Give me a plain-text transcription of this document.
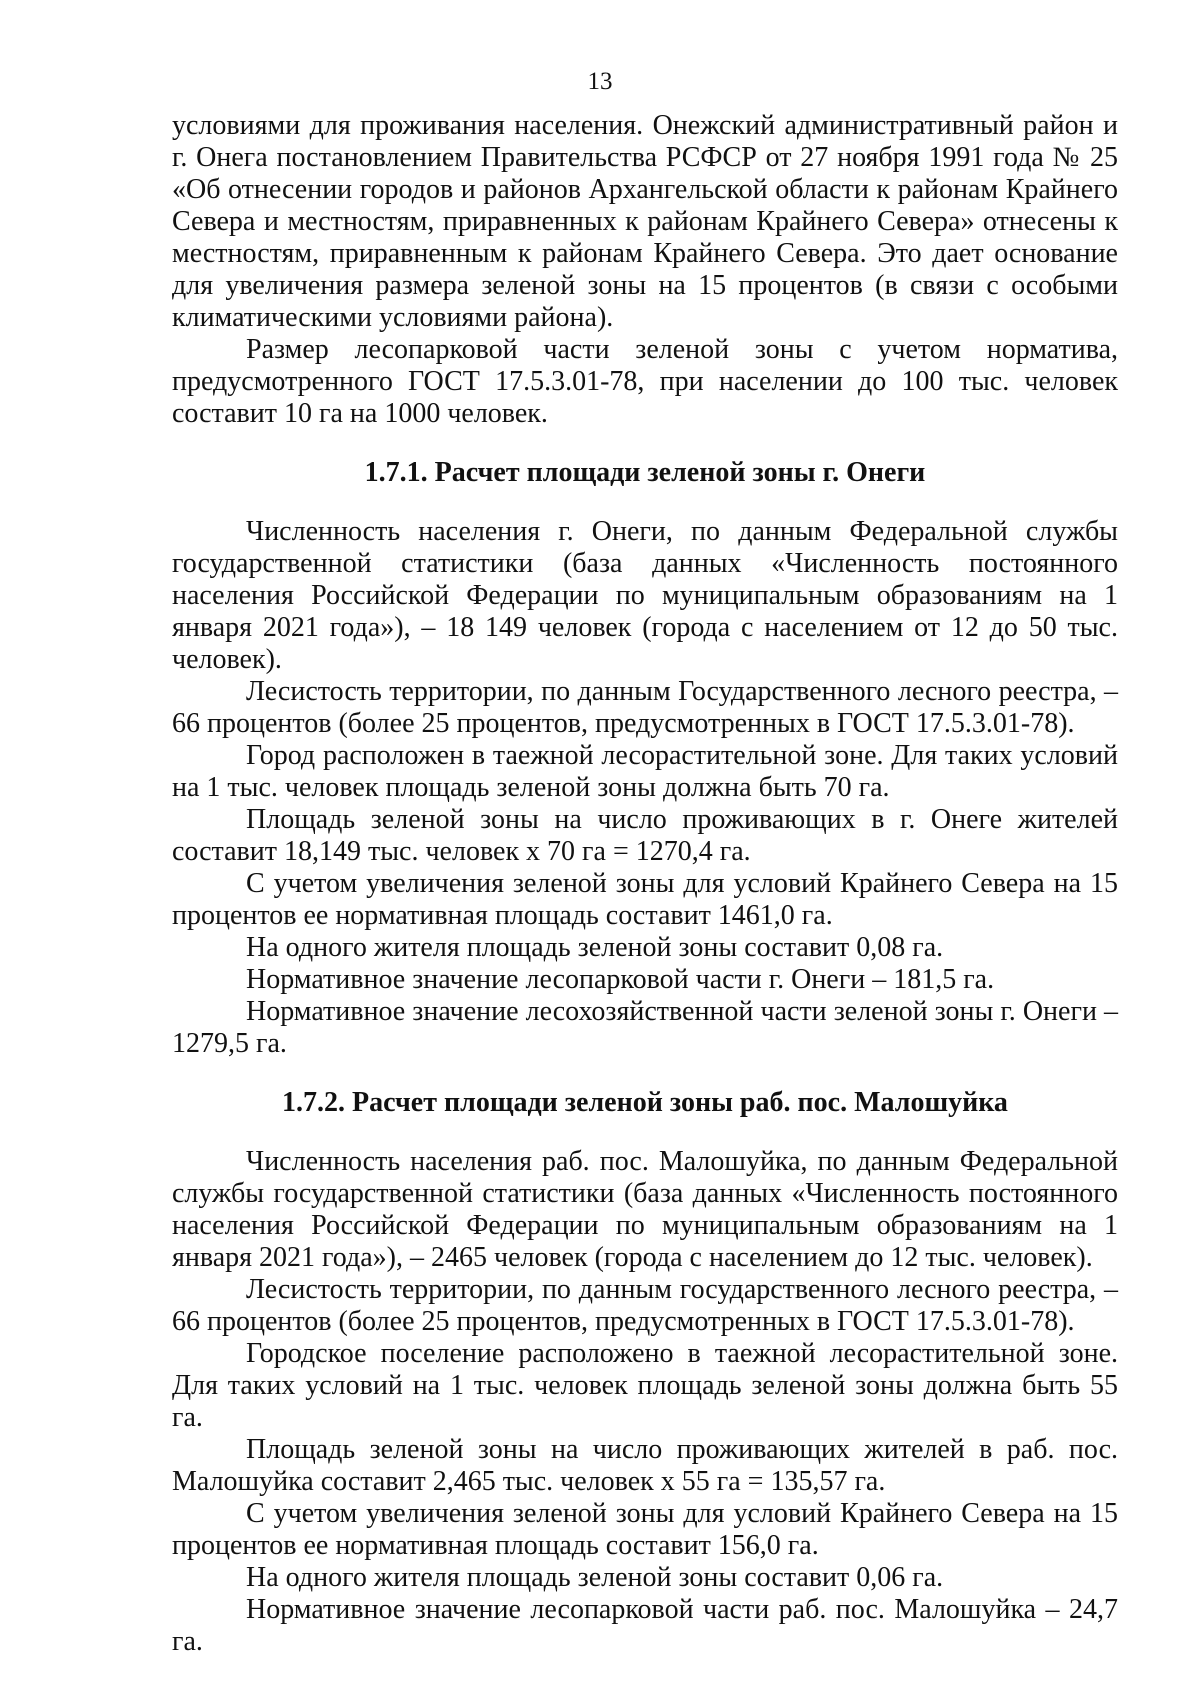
13

условиями для проживания населения. Онежский административный район и г. Онега постановлением Правительства РСФСР от 27 ноября 1991 года № 25 «Об отнесении городов и районов Архангельской области к районам Крайнего Севера и местностям, приравненных к районам Крайнего Севера» отнесены к местностям, приравненным к районам Крайнего Севера. Это дает основание для увеличения размера зеленой зоны на 15 процентов (в связи с особыми климатическими условиями района).

Размер лесопарковой части зеленой зоны с учетом норматива, предусмотренного ГОСТ 17.5.3.01-78, при населении до 100 тыс. человек составит 10 га на 1000 человек.

1.7.1. Расчет площади зеленой зоны г. Онеги

Численность населения г. Онеги, по данным Федеральной службы государственной статистики (база данных «Численность постоянного населения Российской Федерации по муниципальным образованиям на 1 января 2021 года»), – 18 149 человек (города с населением от 12 до 50 тыс. человек).

Лесистость территории, по данным Государственного лесного реестра, – 66 процентов (более 25 процентов, предусмотренных в ГОСТ 17.5.3.01-78).

Город расположен в таежной лесорастительной зоне. Для таких условий на 1 тыс. человек площадь зеленой зоны должна быть 70 га.

Площадь зеленой зоны на число проживающих в г. Онеге жителей составит 18,149 тыс. человек х 70 га = 1270,4 га.

С учетом увеличения зеленой зоны для условий Крайнего Севера на 15 процентов ее нормативная площадь составит 1461,0 га.

На одного жителя площадь зеленой зоны составит 0,08 га.

Нормативное значение лесопарковой части г. Онеги – 181,5 га.

Нормативное значение лесохозяйственной части зеленой зоны г. Онеги – 1279,5 га.

1.7.2. Расчет площади зеленой зоны раб. пос. Малошуйка

Численность населения раб. пос. Малошуйка, по данным Федеральной службы государственной статистики (база данных «Численность постоянного населения Российской Федерации по муниципальным образованиям на 1 января 2021 года»), – 2465 человек (города с населением до 12 тыс. человек).

Лесистость территории, по данным государственного лесного реестра, – 66 процентов (более 25 процентов, предусмотренных в ГОСТ 17.5.3.01-78).

Городское поселение расположено в таежной лесорастительной зоне. Для таких условий на 1 тыс. человек площадь зеленой зоны должна быть 55 га.

Площадь зеленой зоны на число проживающих жителей в раб. пос. Малошуйка составит 2,465 тыс. человек х 55 га = 135,57 га.

С учетом увеличения зеленой зоны для условий Крайнего Севера на 15 процентов ее нормативная площадь составит 156,0 га.

На одного жителя площадь зеленой зоны составит 0,06 га.

Нормативное значение лесопарковой части раб. пос. Малошуйка – 24,7 га.
